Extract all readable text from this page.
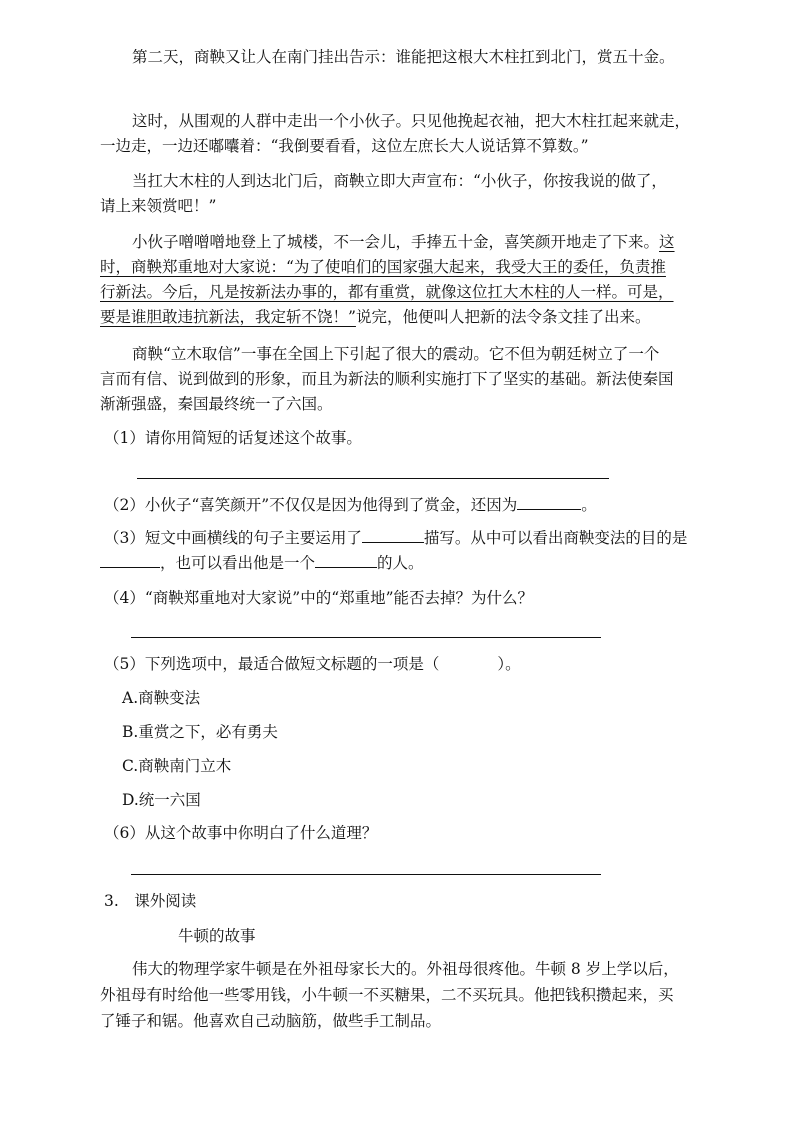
第二天，商鞅又让人在南门挂出告示：谁能把这根大木柱扛到北门，赏五十金。
这时，从围观的人群中走出一个小伙子。只见他挽起衣袖，把大木柱扛起来就走，
一边走，一边还嘟囔着：“我倒要看看，这位左庶长大人说话算不算数。”
当扛大木柱的人到达北门后，商鞅立即大声宣布：“小伙子，你按我说的做了，
请上来领赏吧！”
小伙子噌噌噌地登上了城楼，不一会儿，手捧五十金，喜笑颜开地走了下来。这
时，商鞅郑重地对大家说：“为了使咱们的国家强大起来，我受大王的委任，负责推
行新法。今后，凡是按新法办事的，都有重赏，就像这位扛大木柱的人一样。可是，
要是谁胆敢违抗新法，我定斩不饶！”说完，他便叫人把新的法令条文挂了出来。
商鞅“立木取信”一事在全国上下引起了很大的震动。它不但为朝廷树立了一个
言而有信、说到做到的形象，而且为新法的顺利实施打下了坚实的基础。新法使秦国
渐渐强盛，秦国最终统一了六国。
（1）请你用简短的话复述这个故事。
（2）小伙子“喜笑颜开”不仅仅是因为他得到了赏金，还因为	。
（3）短文中画横线的句子主要运用了	描写。从中可以看出商鞅变法的目的是
，也可以看出他是一个	的人。
（4）“商鞅郑重地对大家说”中的“郑重地”能否去掉？为什么？
（5）下列选项中，最适合做短文标题的一项是（	）。
A.商鞅变法
B.重赏之下，必有勇夫
C.商鞅南门立木
D.统一六国
（6）从这个故事中你明白了什么道理？
3.　课外阅读
牛顿的故事
伟大的物理学家牛顿是在外祖母家长大的。外祖母很疼他。牛顿 8 岁上学以后，
外祖母有时给他一些零用钱，小牛顿一不买糖果，二不买玩具。他把钱积攒起来，买
了锤子和锯。他喜欢自己动脑筋，做些手工制品。
